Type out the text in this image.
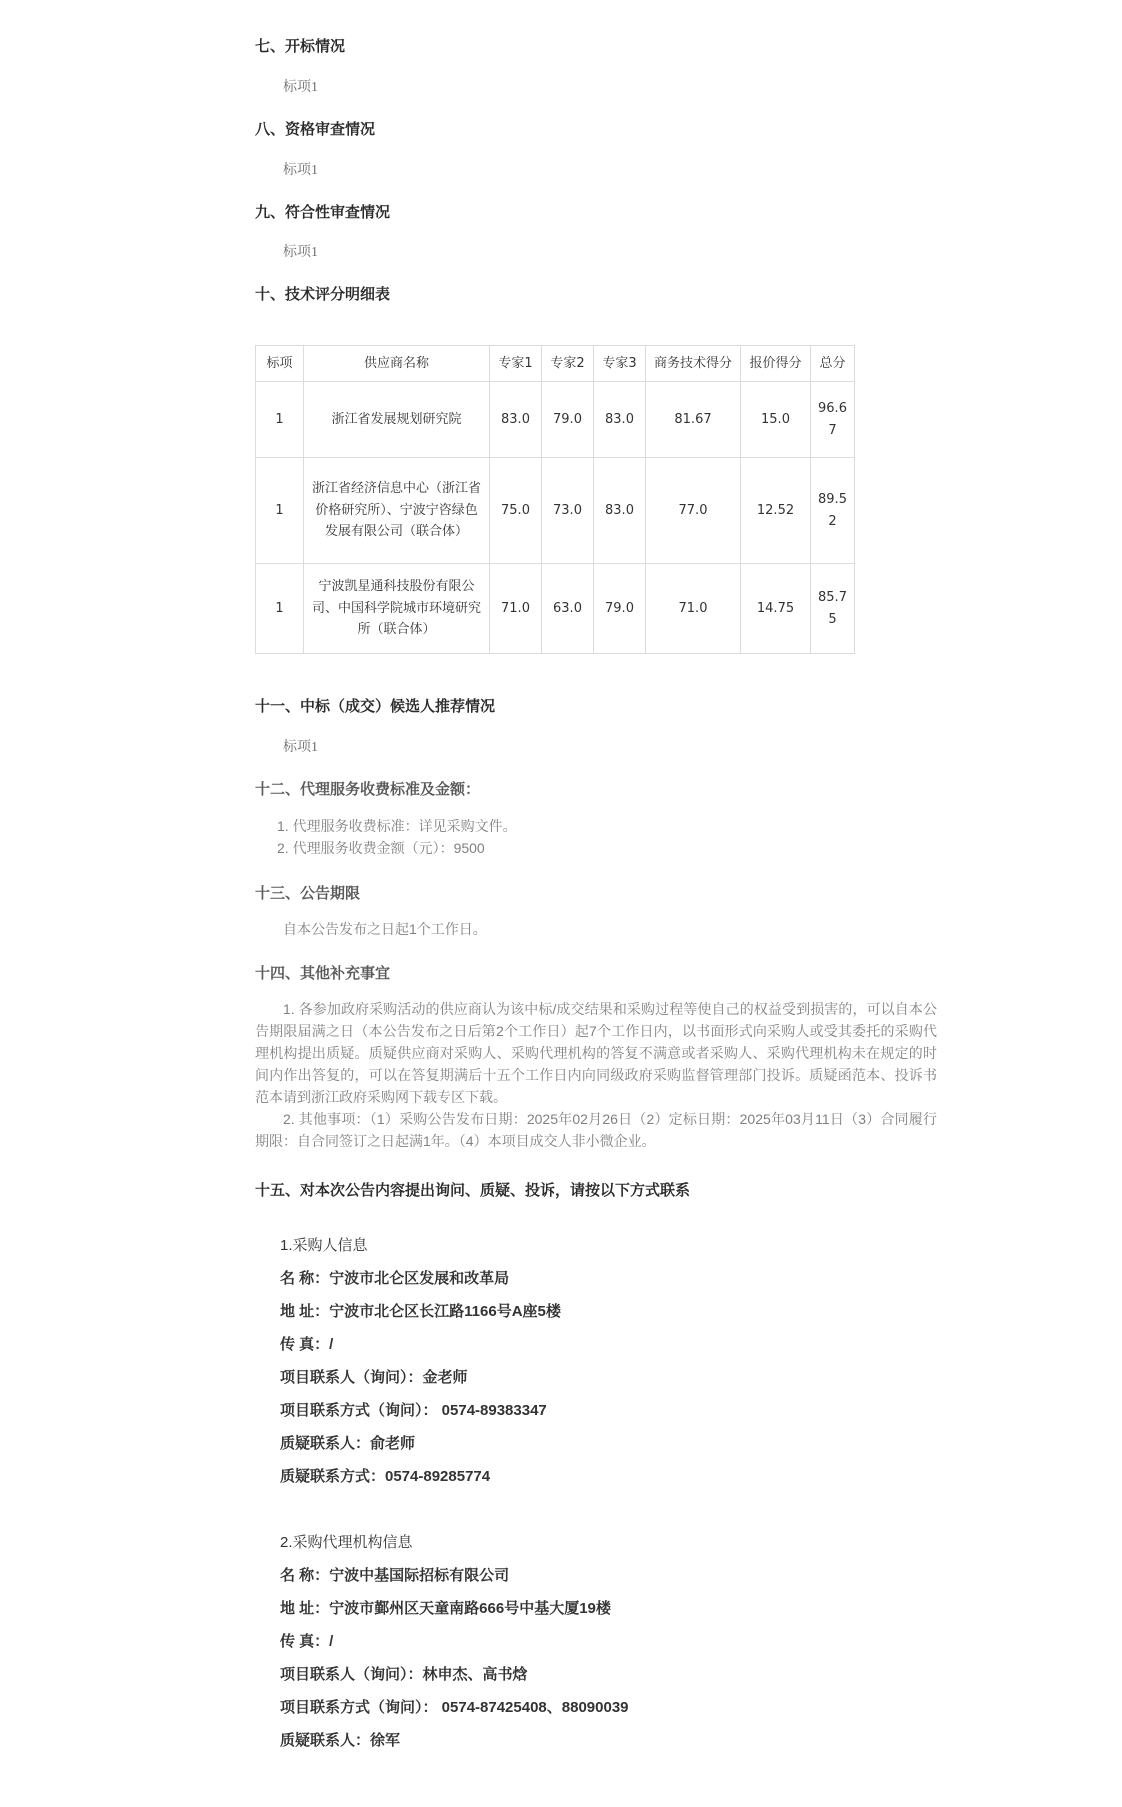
七、开标情况
标项1
八、资格审查情况
标项1
九、符合性审查情况
标项1
十、技术评分明细表
标项	供应商名称	专家1	专家2	专家3	商务技术得分	报价得分	总分
1	浙江省发展规划研究院	83.0	79.0	83.0	81.67	15.0	96.67
1	浙江省经济信息中心（浙江省价格研究所）、宁波宁咨绿色发展有限公司（联合体）	75.0	73.0	83.0	77.0	12.52	89.52
1	宁波凯星通科技股份有限公司、中国科学院城市环境研究所（联合体）	71.0	63.0	79.0	71.0	14.75	85.75
十一、中标（成交）候选人推荐情况
标项1
十二、代理服务收费标准及金额：
1. 代理服务收费标准：详见采购文件。
2. 代理服务收费金额（元）：9500
十三、公告期限
自本公告发布之日起1个工作日。
十四、其他补充事宜

1. 各参加政府采购活动的供应商认为该中标/成交结果和采购过程等使自己的权益受到损害的，可以自本公告期限届满之日（本公告发布之日后第2个工作日）起7个工作日内，以书面形式向采购人或受其委托的采购代理机构提出质疑。质疑供应商对采购人、采购代理机构的答复不满意或者采购人、采购代理机构未在规定的时间内作出答复的，可以在答复期满后十五个工作日内向同级政府采购监督管理部门投诉。质疑函范本、投诉书范本请到浙江政府采购网下载专区下载。

2. 其他事项：（1）采购公告发布日期：2025年02月26日（2）定标日期：2025年03月11日（3）合同履行期限：自合同签订之日起满1年。（4）本项目成交人非小微企业。

十五、对本次公告内容提出询问、质疑、投诉，请按以下方式联系
1.采购人信息
名 称：宁波市北仑区发展和改革局
地 址：宁波市北仑区长江路1166号A座5楼
传 真：/
项目联系人（询问）：金老师
项目联系方式（询问）： 0574-89383347
质疑联系人：俞老师
质疑联系方式：0574-89285774
2.采购代理机构信息
名 称：宁波中基国际招标有限公司
地 址：宁波市鄞州区天童南路666号中基大厦19楼
传 真：/
项目联系人（询问）：林申杰、高书焓
项目联系方式（询问）： 0574-87425408、88090039
质疑联系人：徐军
